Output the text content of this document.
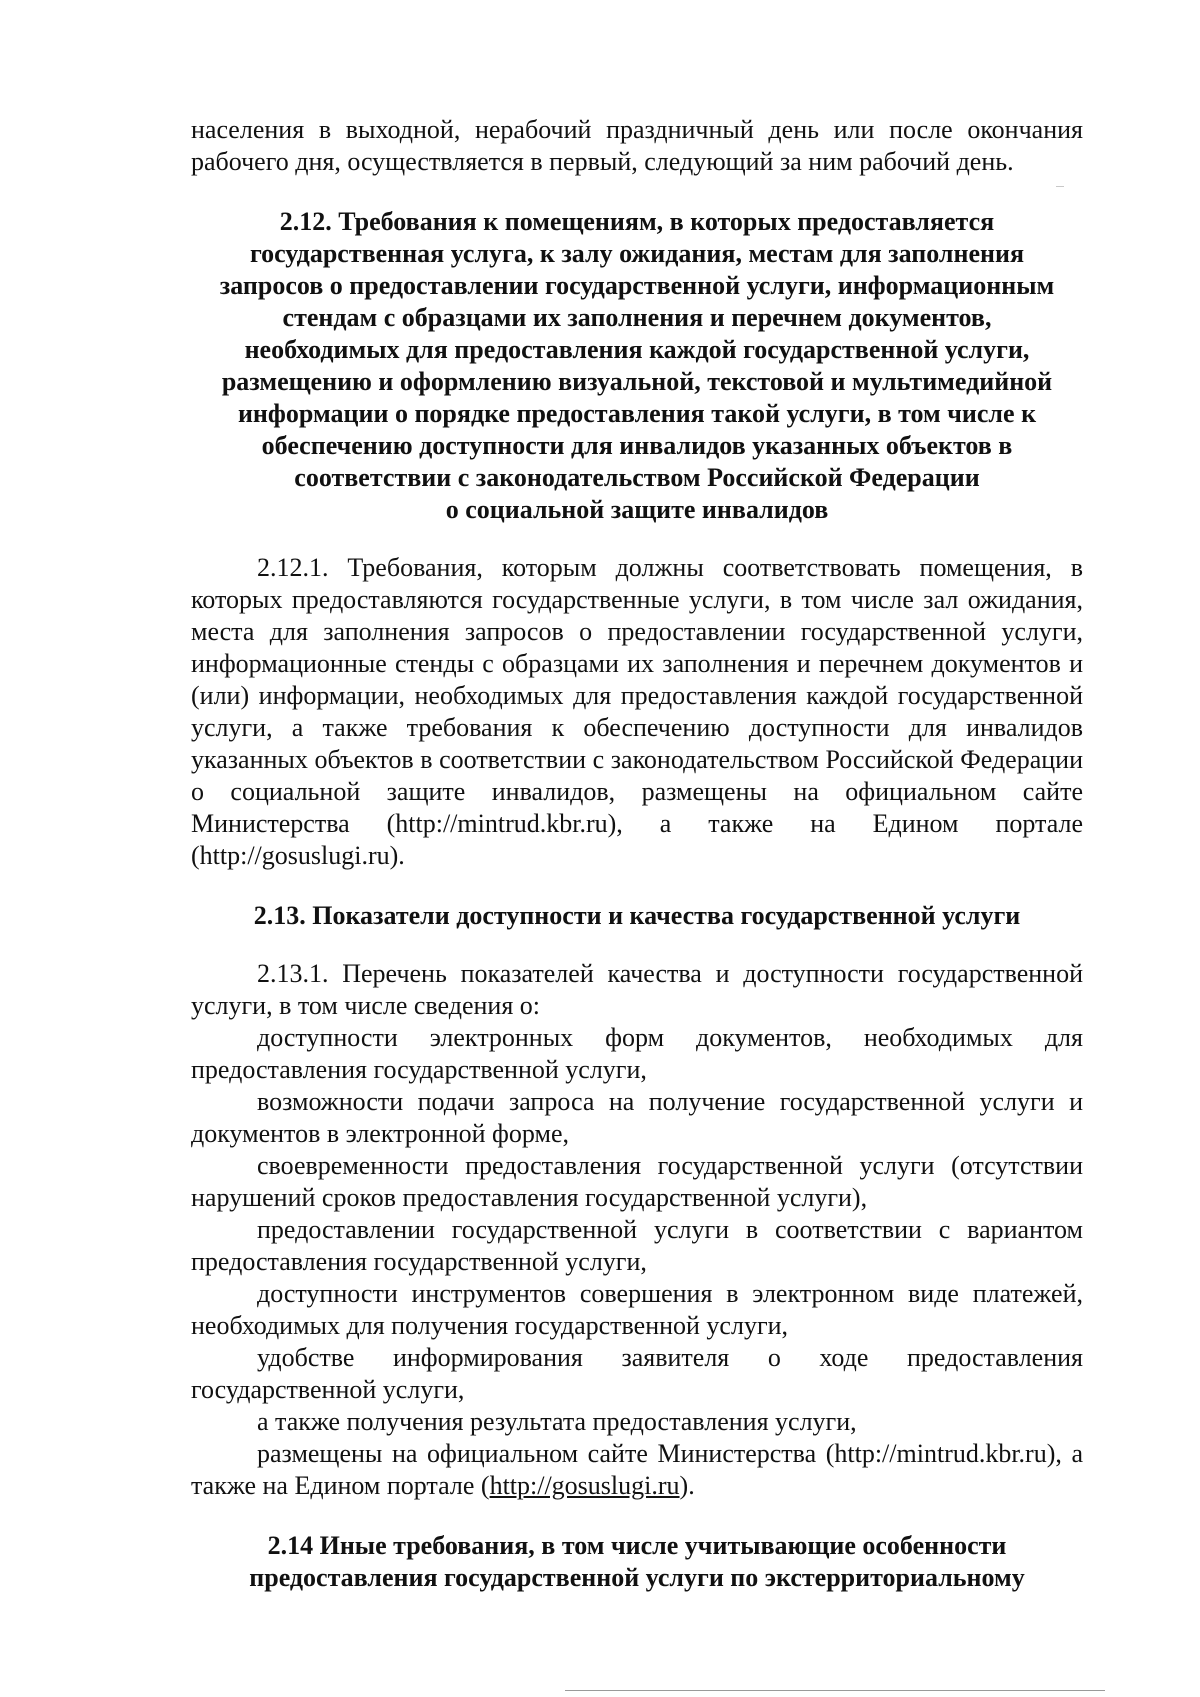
населения в выходной, нерабочий праздничный день или после окончания рабочего дня, осуществляется в первый, следующий за ним рабочий день.

2.12. Требования к помещениям, в которых предоставляется
государственная услуга, к залу ожидания, местам для заполнения
запросов о предоставлении государственной услуги, информационным
стендам с образцами их заполнения и перечнем документов,
необходимых для предоставления каждой государственной услуги,
размещению и оформлению визуальной, текстовой и мультимедийной
информации о порядке предоставления такой услуги, в том числе к
обеспечению доступности для инвалидов указанных объектов в
соответствии с законодательством Российской Федерации
о социальной защите инвалидов

2.12.1. Требования, которым должны соответствовать помещения, в которых предоставляются государственные услуги, в том числе зал ожидания, места для заполнения запросов о предоставлении государственной услуги, информационные стенды с образцами их заполнения и перечнем документов и (или) информации, необходимых для предоставления каждой государственной услуги, а также требования к обеспечению доступности для инвалидов указанных объектов в соответствии с законодательством Российской Федерации о социальной защите инвалидов, размещены на официальном сайте Министерства (http://mintrud.kbr.ru), а также на Едином портале (http://gosuslugi.ru).

2.13. Показатели доступности и качества государственной услуги

2.13.1. Перечень показателей качества и доступности государственной услуги, в том числе сведения о:

доступности электронных форм документов, необходимых для предоставления государственной услуги,

возможности подачи запроса на получение государственной услуги и документов в электронной форме,

своевременности предоставления государственной услуги (отсутствии нарушений сроков предоставления государственной услуги),

предоставлении государственной услуги в соответствии с вариантом предоставления государственной услуги,

доступности инструментов совершения в электронном виде платежей, необходимых для получения государственной услуги,

удобстве информирования заявителя о ходе предоставления государственной услуги,

а также получения результата предоставления услуги,

размещены на официальном сайте Министерства (http://mintrud.kbr.ru), а также на Едином портале (http://gosuslugi.ru).

2.14 Иные требования, в том числе учитывающие особенности
предоставления государственной услуги по экстерриториальному
